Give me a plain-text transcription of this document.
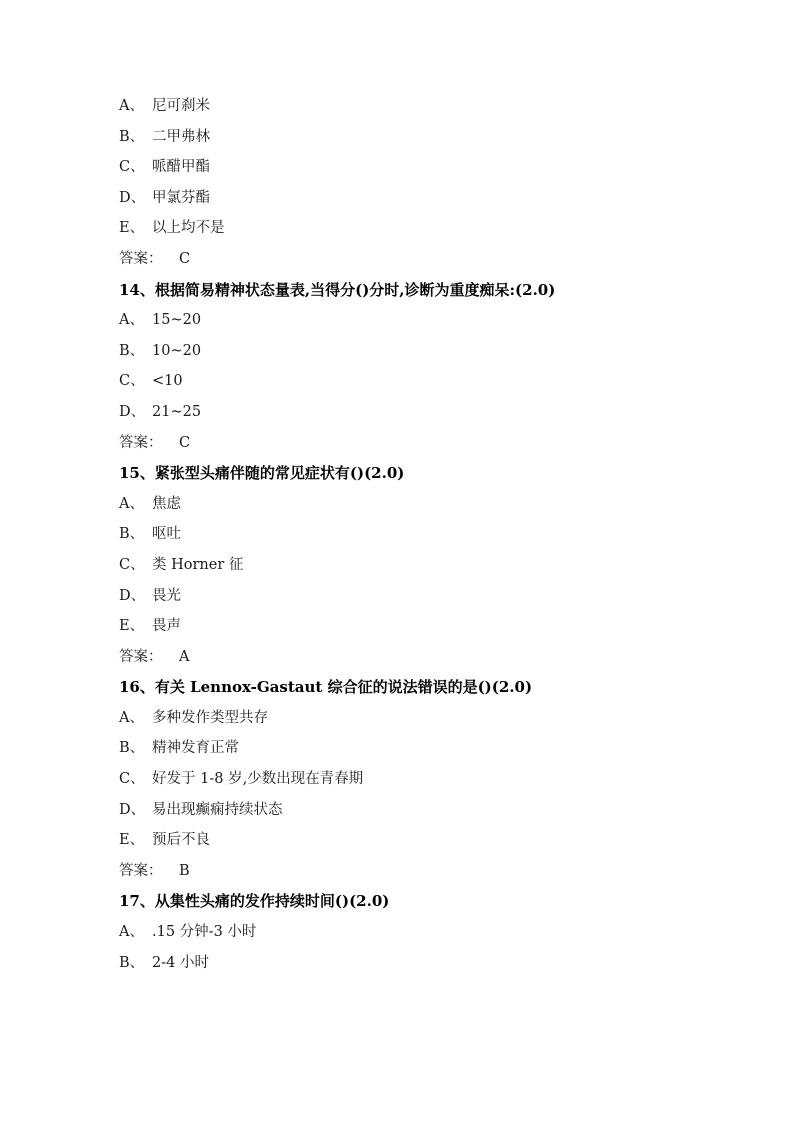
A、 尼可刹米
B、 二甲弗林
C、 哌醋甲酯
D、 甲氯芬酯
E、 以上均不是
答案： C
14、根据简易精神状态量表,当得分()分时,诊断为重度痴呆:(2.0)
A、 15~20
B、 10~20
C、 <10
D、 21~25
答案： C
15、紧张型头痛伴随的常见症状有()(2.0)
A、 焦虑
B、 呕吐
C、 类 Horner 征
D、 畏光
E、 畏声
答案： A
16、有关 Lennox-Gastaut 综合征的说法错误的是()(2.0)
A、 多种发作类型共存
B、 精神发育正常
C、 好发于 1-8 岁,少数出现在青春期
D、 易出现癫痫持续状态
E、 预后不良
答案： B
17、从集性头痛的发作持续时间()(2.0)
A、 .15 分钟-3 小时
B、 2-4 小时
